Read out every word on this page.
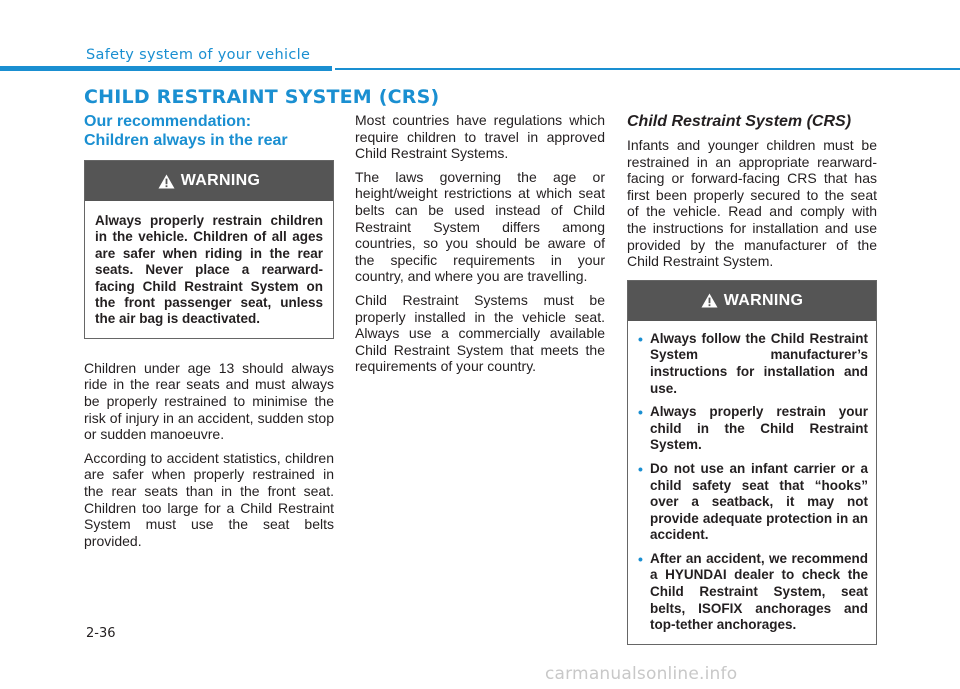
Safety system of your vehicle
CHILD RESTRAINT SYSTEM (CRS)
Our recommendation:
Children always in the rear
WARNING
Always properly restrain children in the vehicle. Children of all ages are safer when riding in the rear seats. Never place a rearward-facing Child Restraint System on the front passenger seat, unless the air bag is deactivated.

Children under age 13 should always ride in the rear seats and must always be properly restrained to minimise the risk of injury in an accident, sudden stop or sudden manoeuvre.

According to accident statistics, children are safer when properly restrained in the rear seats than in the front seat. Children too large for a Child Restraint System must use the seat belts provided.

Most countries have regulations which require children to travel in approved Child Restraint Systems.

The laws governing the age or height/weight restrictions at which seat belts can be used instead of Child Restraint System differs among countries, so you should be aware of the specific requirements in your country, and where you are travelling.

Child Restraint Systems must be properly installed in the vehicle seat. Always use a commercially available Child Restraint System that meets the requirements of your country.

Child Restraint System (CRS)

Infants and younger children must be restrained in an appropriate rearward-facing or forward-facing CRS that has first been properly secured to the seat of the vehicle. Read and comply with the instructions for installation and use provided by the manufacturer of the Child Restraint System.

WARNING
• Always follow the Child Restraint System manufacturer’s instructions for installation and use.
• Always properly restrain your child in the Child Restraint System.
• Do not use an infant carrier or a child safety seat that “hooks” over a seatback, it may not provide adequate protection in an accident.
• After an accident, we recommend a HYUNDAI dealer to check the Child Restraint System, seat belts, ISOFIX anchorages and top-tether anchorages.
2-36
carmanualsonline.info
